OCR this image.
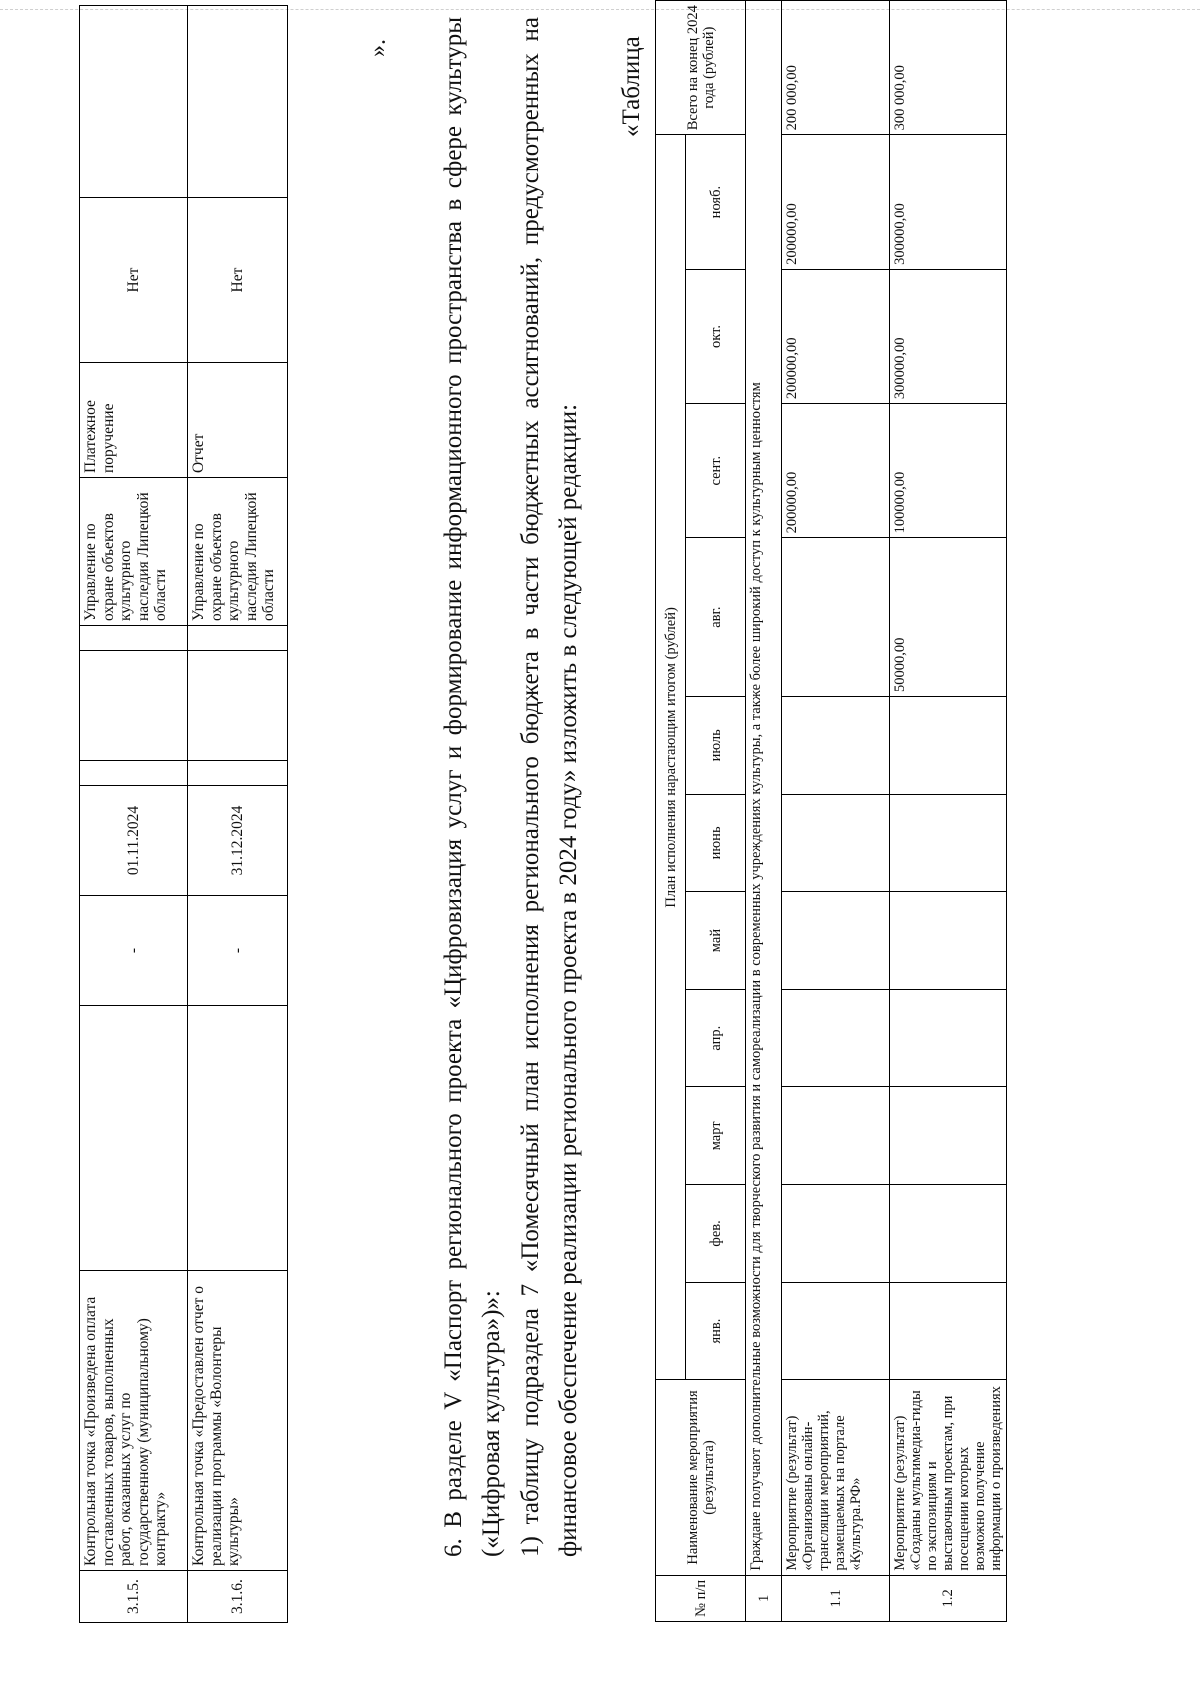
3.1.5.	Контрольная точка «Произведена оплата поставленных товаров, выполненных работ, оказанных услуг по государственному (муниципальному) контракту»		-	01.11.2024				Управление по охране объектов культурного наследия Липецкой области	Платежное поручение	Нет	
3.1.6.	Контрольная точка «Предоставлен отчет о реализации программы «Волонтеры культуры»		-	31.12.2024				Управление по охране объектов культурного наследия Липецкой области	Отчет	Нет	
». 6. В разделе V «Паспорт регионального проекта «Цифровизация услуг и формирование информационного пространства в сфере культуры («Цифровая культура»)»: 1) таблицу подраздела 7 «Помесячный план исполнения регионального бюджета в части бюджетных ассигнований, предусмотренных на финансовое обеспечение реализации регионального проекта в 2024 году» изложить в следующей редакции:
«Таблица
№ п/п	Наименование мероприятия (результата)	План исполнения нарастающим итогом (рублей)											Всего на конец 2024 года (рублей)
		янв.	фев.	март	апр.	май	июнь	июль	авг.	сент.	окт.	нояб.	
1	Граждане получают дополнительные возможности для творческого развития и самореализации в современных учреждениях культуры, а также более широкий доступ к культурным ценностям												
1.1	Мероприятие (результат) «Организованы онлайн-трансляции мероприятий, размещаемых на портале «Культура.РФ»									200000,00	200000,00	200000,00	200 000,00
1.2	Мероприятие (результат) «Созданы мультимедиа-гиды по экспозициям и выставочным проектам, при посещении которых возможно получение информации о произведениях								50000,00	100000,00	300000,00	300000,00	300 000,00
